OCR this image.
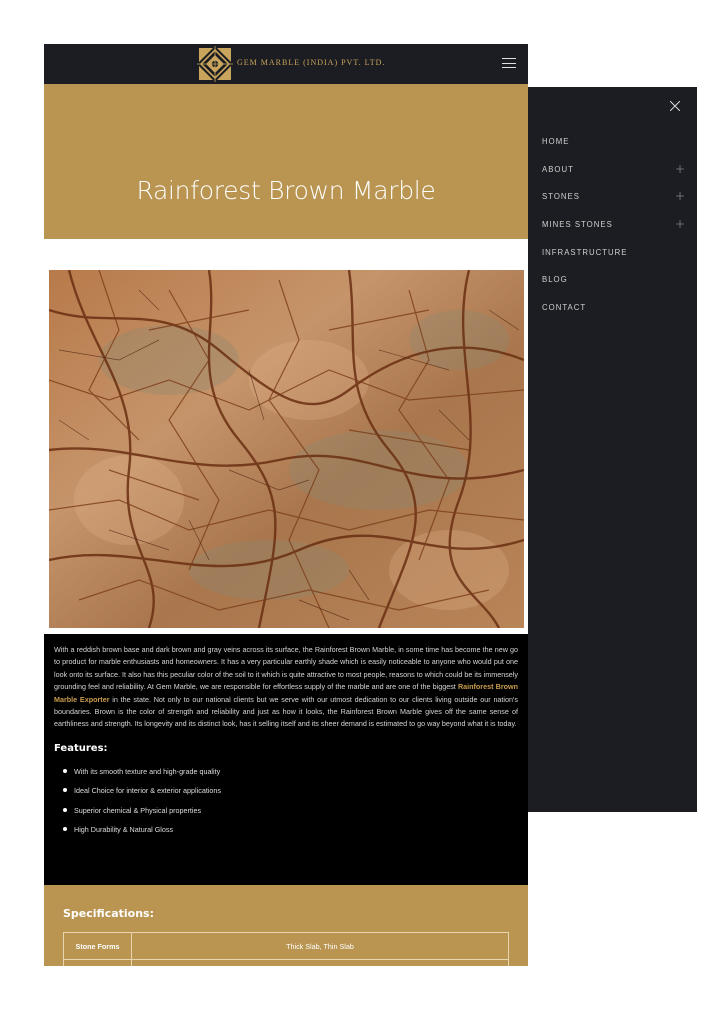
GEM MARBLE (INDIA) PVT. LTD.
Rainforest Brown Marble

With a reddish brown base and dark brown and gray veins across its surface, the Rainforest Brown Marble, in some time has become the new go to product for marble enthusiasts and homeowners. It has a very particular earthly shade which is easily noticeable to anyone who would put one look onto its surface. It also has this peculiar color of the soil to it which is quite attractive to most people, reasons to which could be its immensely grounding feel and reliability. At Gem Marble, we are responsible for effortless supply of the marble and are one of the biggest Rainforest Brown Marble Exporter in the state. Not only to our national clients but we serve with our utmost dedication to our clients living outside our nation's boundaries. Brown is the color of strength and reliability and just as how it looks, the Rainforest Brown Marble gives off the same sense of earthliness and strength. Its longevity and its distinct look, has it selling itself and its sheer demand is estimated to go way beyond what it is today.

Features:
With its smooth texture and high-grade quality
Ideal Choice for interior & exterior applications
Superior chemical & Physical properties
High Durability & Natural Gloss
Specifications:
Stone Forms	Thick Slab, Thin Slab

HOME
ABOUT	+
STONES	+
MINES STONES	+
INFRASTRUCTURE
BLOG
CONTACT
